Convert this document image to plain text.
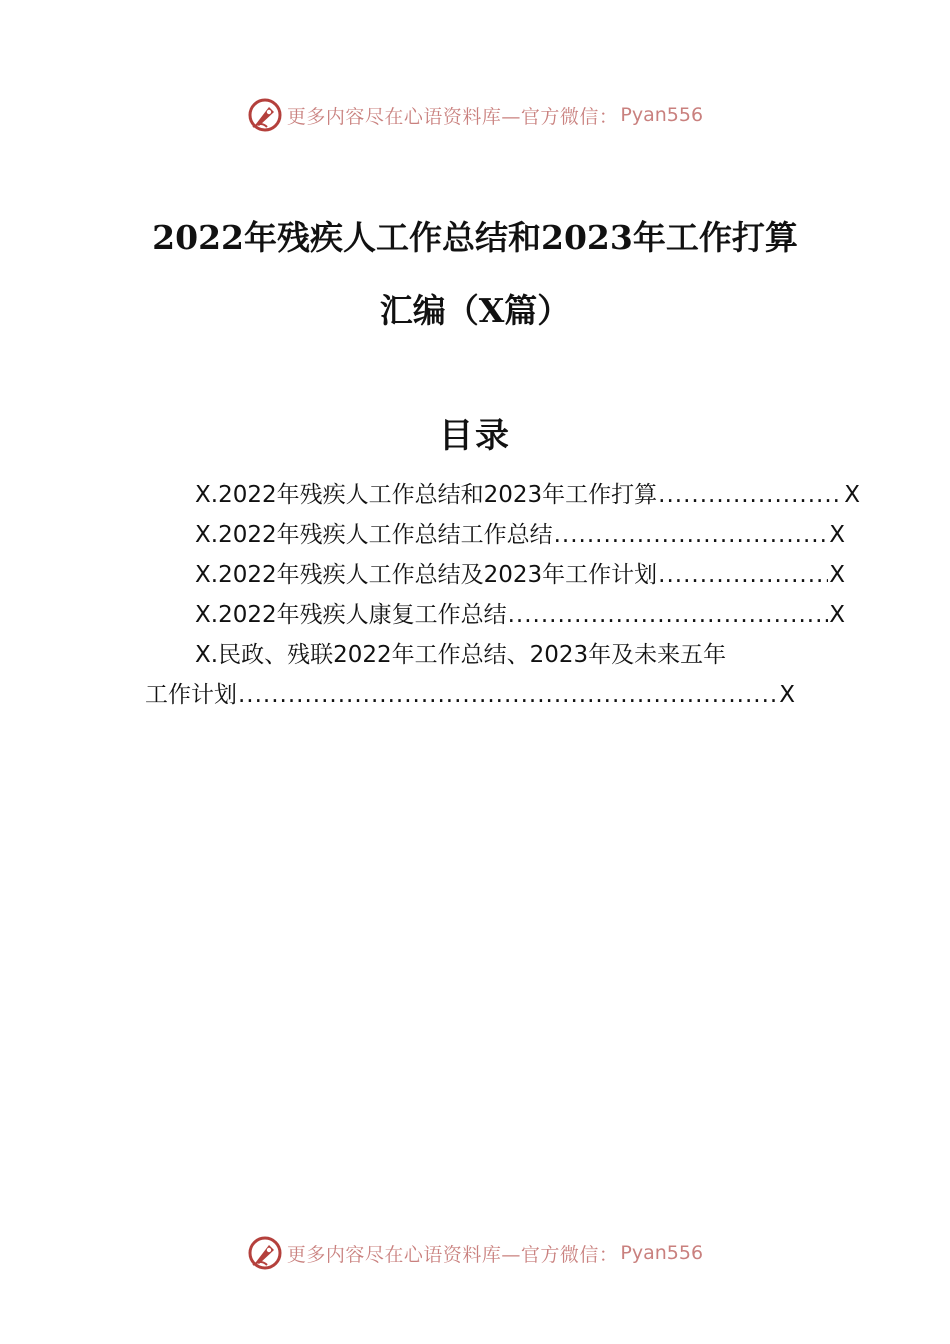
更多内容尽在心语资料库—官方微信： Pyan556
2022年残疾人工作总结和2023年工作打算
汇编（X篇）
目录
X.2022年残疾人工作总结和2023年工作打算 .....	X
X.2022年残疾人工作总结工作总结 .....	X
X.2022年残疾人工作总结及2023年工作计划 .....	X
X.2022年残疾人康复工作总结 .....	X
X.民政、残联2022年工作总结、2023年及未来五年
工作计划 .....	X
更多内容尽在心语资料库—官方微信： Pyan556
